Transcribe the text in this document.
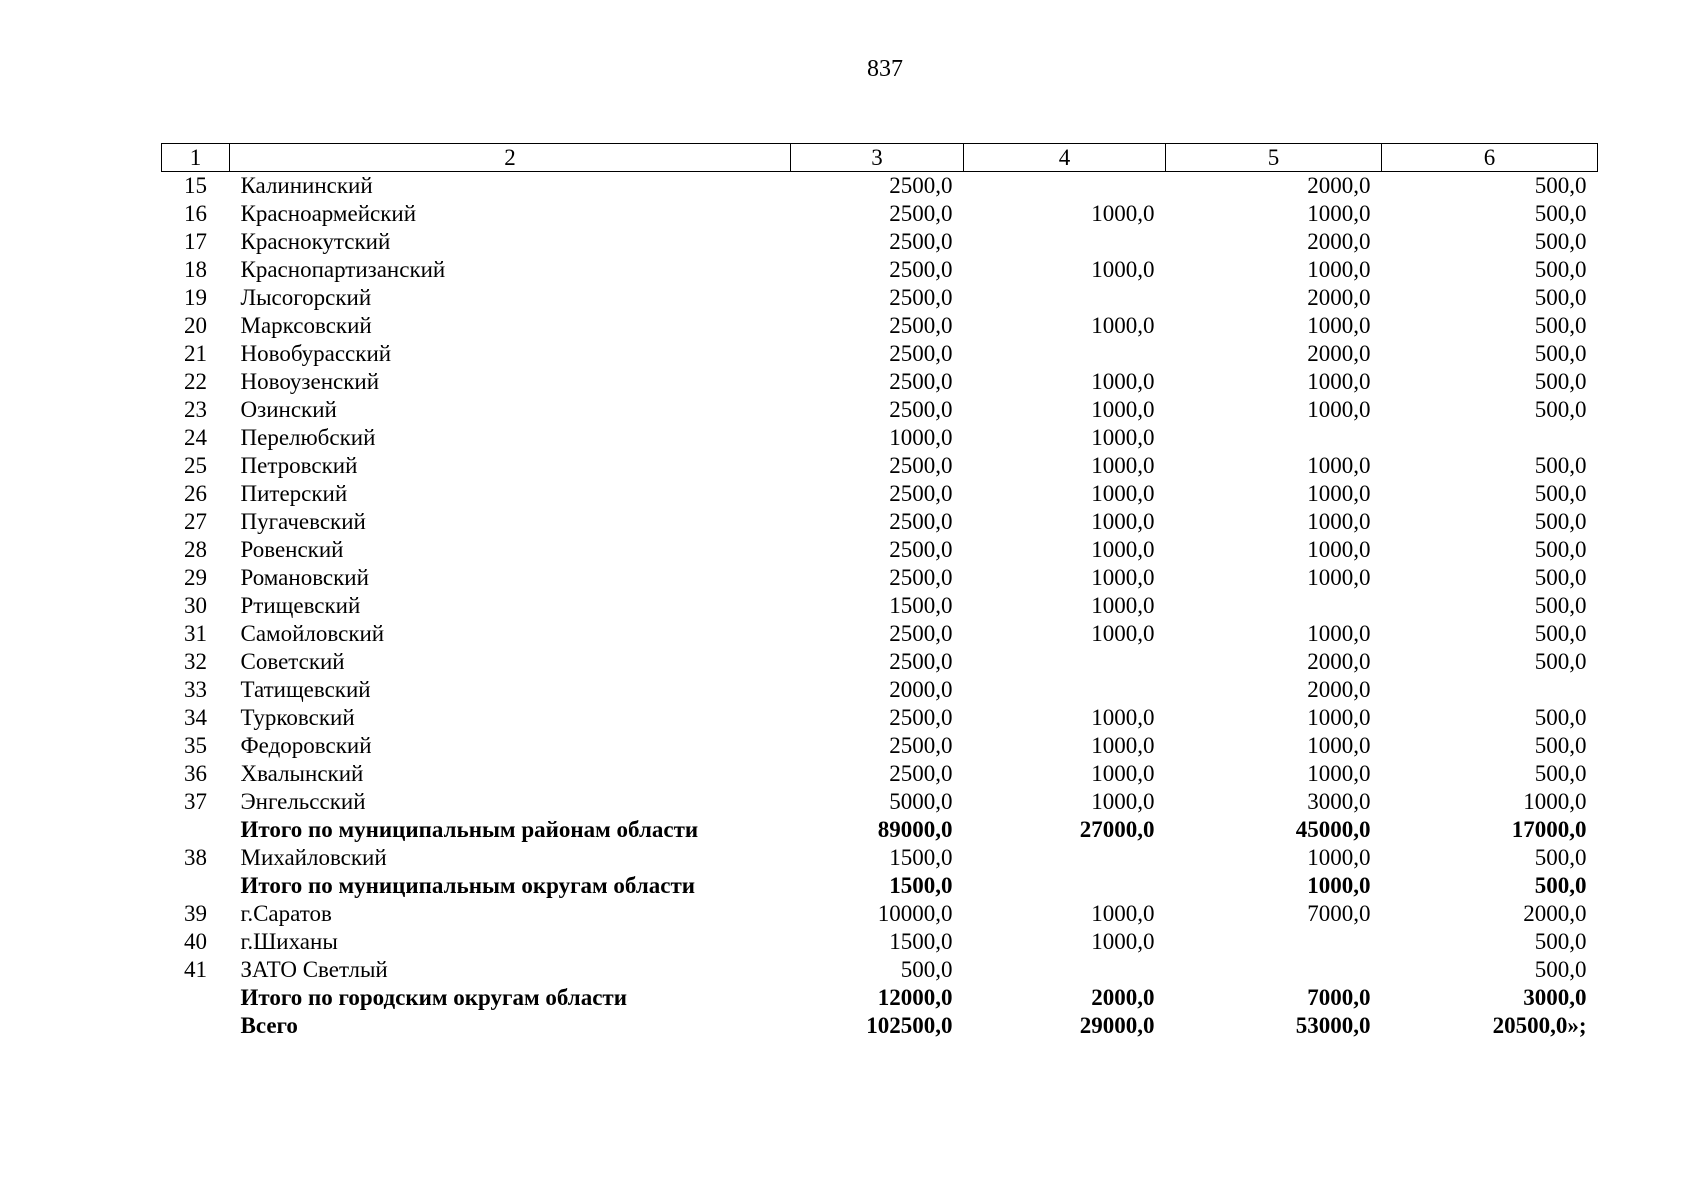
837
1	2	3	4	5	6
15	Калининский	2500,0		2000,0	500,0
16	Красноармейский	2500,0	1000,0	1000,0	500,0
17	Краснокутский	2500,0		2000,0	500,0
18	Краснопартизанский	2500,0	1000,0	1000,0	500,0
19	Лысогорский	2500,0		2000,0	500,0
20	Марксовский	2500,0	1000,0	1000,0	500,0
21	Новобурасский	2500,0		2000,0	500,0
22	Новоузенский	2500,0	1000,0	1000,0	500,0
23	Озинский	2500,0	1000,0	1000,0	500,0
24	Перелюбский	1000,0	1000,0		
25	Петровский	2500,0	1000,0	1000,0	500,0
26	Питерский	2500,0	1000,0	1000,0	500,0
27	Пугачевский	2500,0	1000,0	1000,0	500,0
28	Ровенский	2500,0	1000,0	1000,0	500,0
29	Романовский	2500,0	1000,0	1000,0	500,0
30	Ртищевский	1500,0	1000,0		500,0
31	Самойловский	2500,0	1000,0	1000,0	500,0
32	Советский	2500,0		2000,0	500,0
33	Татищевский	2000,0		2000,0	
34	Турковский	2500,0	1000,0	1000,0	500,0
35	Федоровский	2500,0	1000,0	1000,0	500,0
36	Хвалынский	2500,0	1000,0	1000,0	500,0
37	Энгельсский	5000,0	1000,0	3000,0	1000,0
	Итого по муниципальным районам области	89000,0	27000,0	45000,0	17000,0
38	Михайловский	1500,0		1000,0	500,0
	Итого по муниципальным округам области	1500,0		1000,0	500,0
39	г.Саратов	10000,0	1000,0	7000,0	2000,0
40	г.Шиханы	1500,0	1000,0		500,0
41	ЗАТО Светлый	500,0			500,0
	Итого по городским округам области	12000,0	2000,0	7000,0	3000,0
	Всего	102500,0	29000,0	53000,0	20500,0»;
